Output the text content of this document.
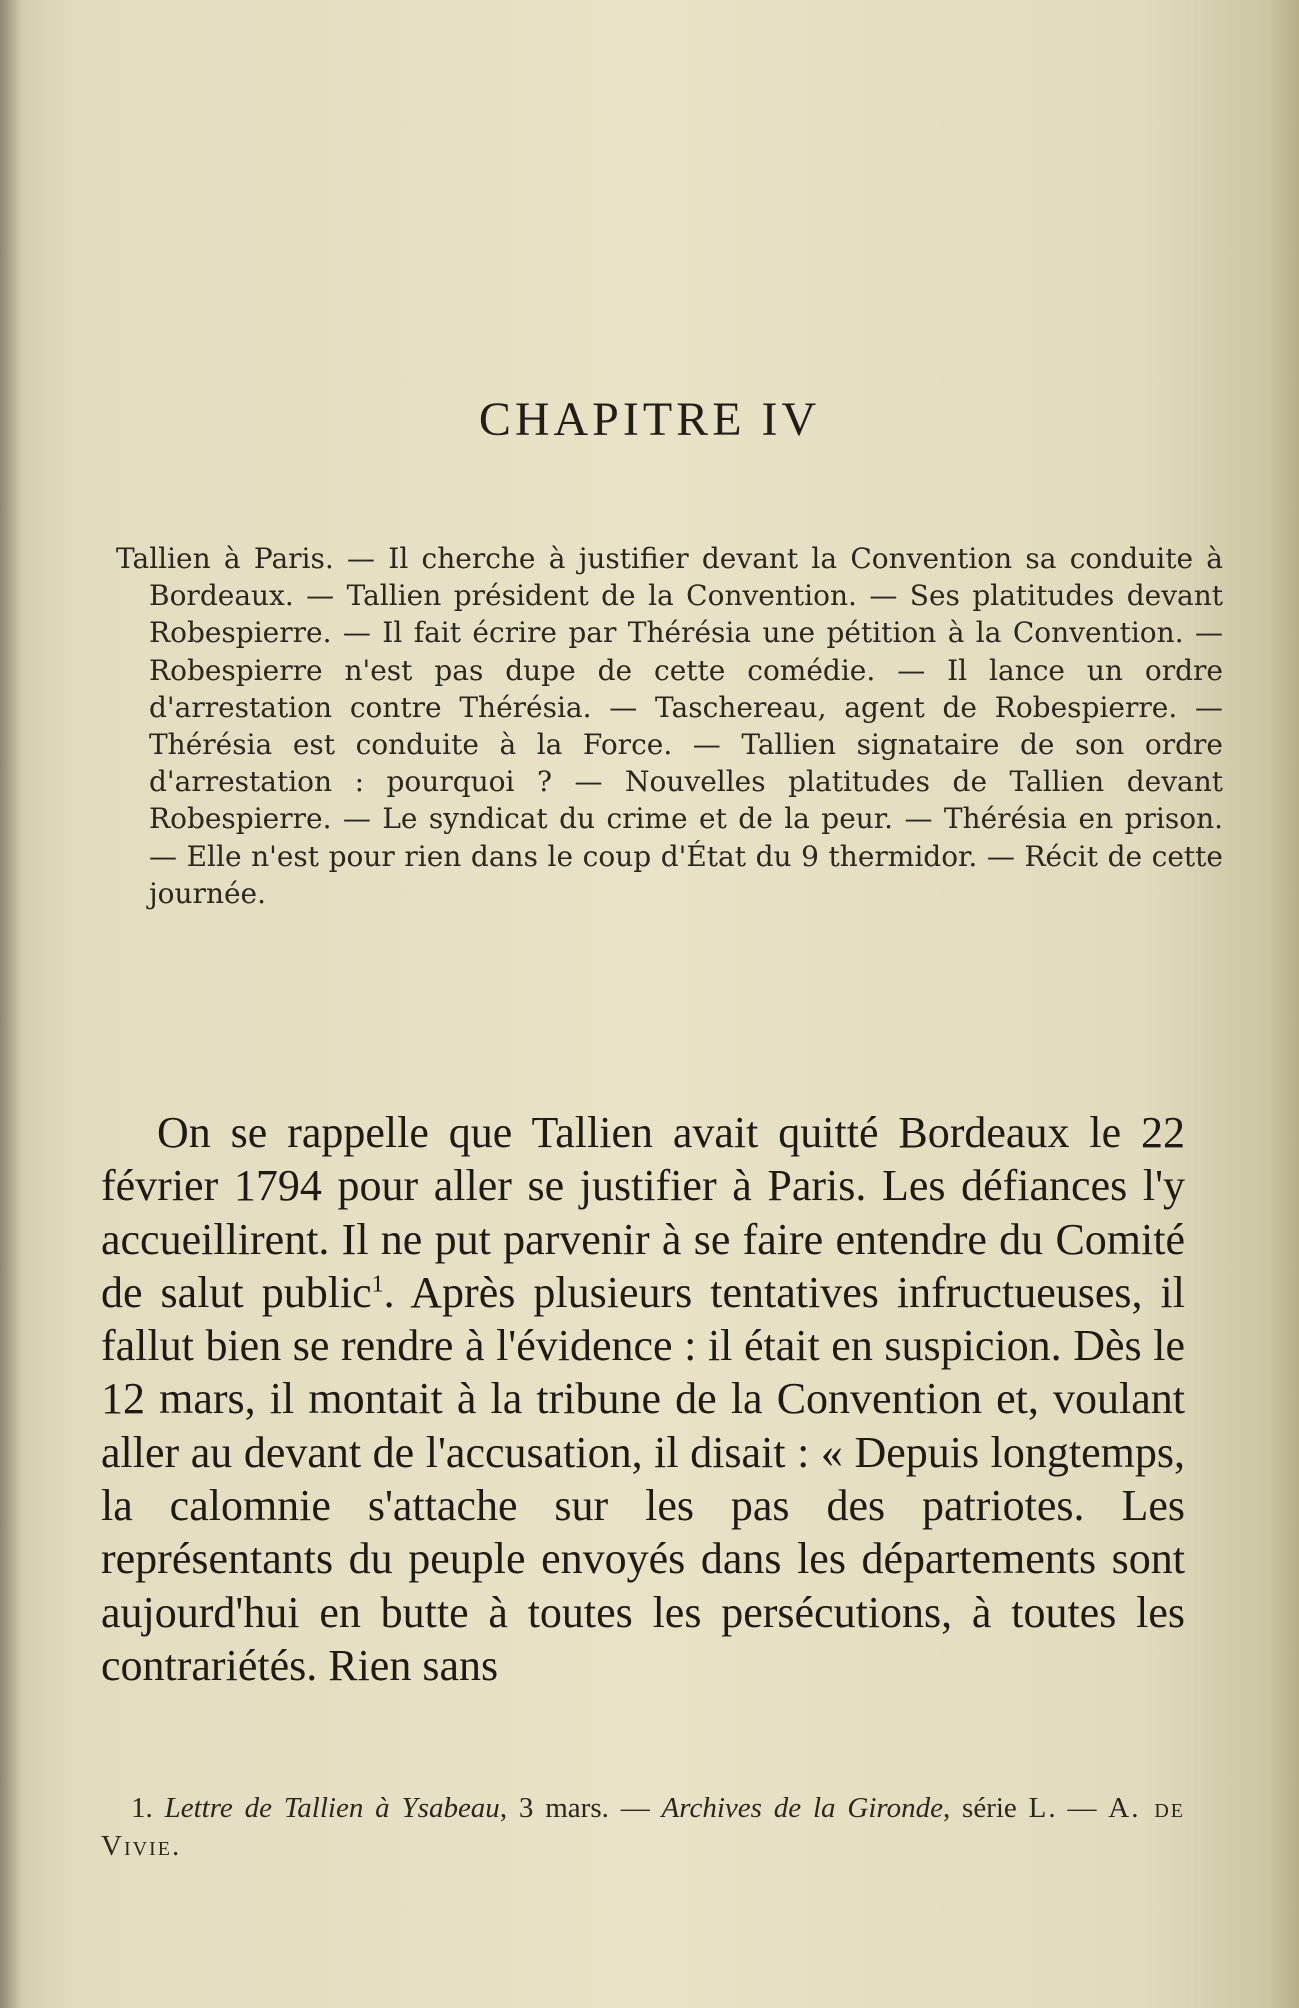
CHAPITRE IV
Tallien à Paris. — Il cherche à justifier devant la Convention sa conduite à Bordeaux. — Tallien président de la Convention. — Ses platitudes devant Robespierre. — Il fait écrire par Thérésia une pétition à la Convention. — Robespierre n'est pas dupe de cette comédie. — Il lance un ordre d'arrestation contre Thérésia. — Taschereau, agent de Robespierre. — Thérésia est conduite à la Force. — Tallien signataire de son ordre d'arrestation : pourquoi ? — Nouvelles platitudes de Tallien devant Robespierre. — Le syndicat du crime et de la peur. — Thérésia en prison. — Elle n'est pour rien dans le coup d'État du 9 thermidor. — Récit de cette journée.

On se rappelle que Tallien avait quitté Bordeaux le 22 février 1794 pour aller se justifier à Paris. Les défiances l'y accueillirent. Il ne put parvenir à se faire entendre du Comité de salut public$^1$. Après plusieurs tentatives infructueuses, il fallut bien se rendre à l'évidence : il était en suspicion. Dès le 12 mars, il montait à la tribune de la Convention et, voulant aller au devant de l'accusation, il disait : « Depuis longtemps, la calomnie s'attache sur les pas des patriotes. Les représentants du peuple envoyés dans les départements sont aujourd'hui en butte à toutes les persécutions, à toutes les contrariétés. Rien sans

1. Lettre de Tallien à Ysabeau, 3 mars. — Archives de la Gironde, série L. — A. de Vivie.
